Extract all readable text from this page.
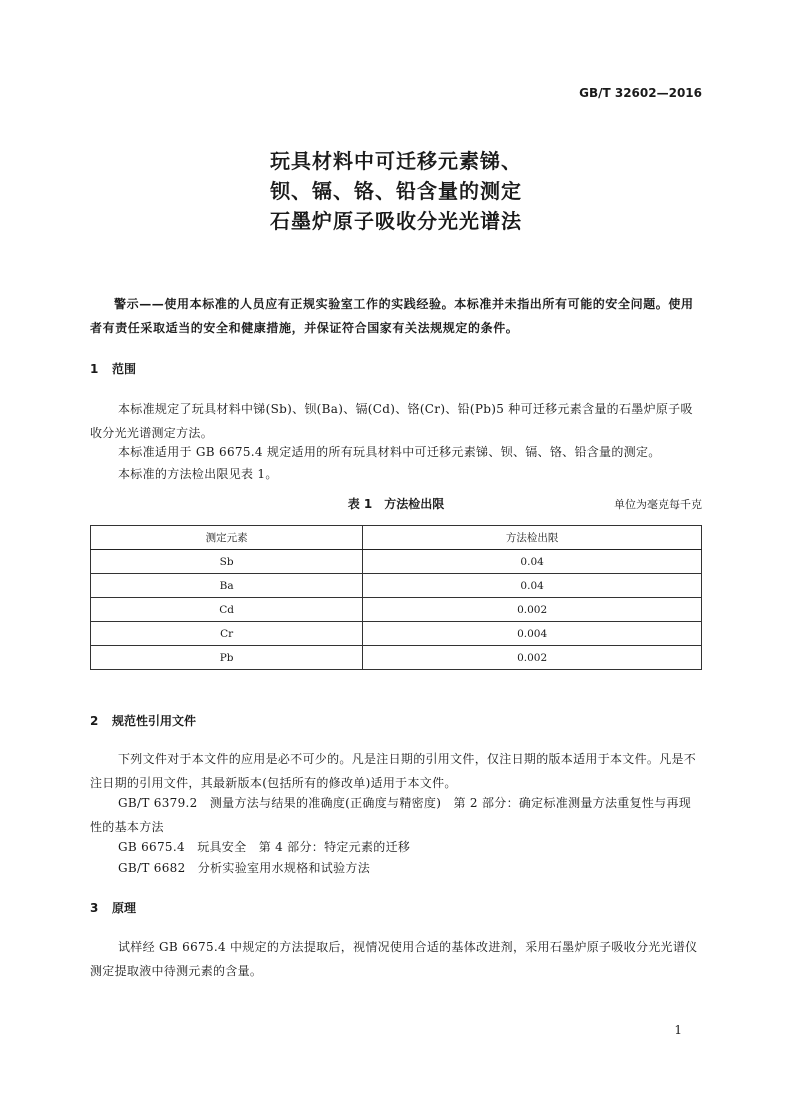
GB/T 32602—2016
玩具材料中可迁移元素锑、
钡、镉、铬、铅含量的测定
石墨炉原子吸收分光光谱法
警示——使用本标准的人员应有正规实验室工作的实践经验。本标准并未指出所有可能的安全问题。使用者有责任采取适当的安全和健康措施，并保证符合国家有关法规规定的条件。
1 范围
本标准规定了玩具材料中锑(Sb)、钡(Ba)、镉(Cd)、铬(Cr)、铅(Pb)5 种可迁移元素含量的石墨炉原子吸收分光光谱测定方法。
本标准适用于 GB 6675.4 规定适用的所有玩具材料中可迁移元素锑、钡、镉、铬、铅含量的测定。
本标准的方法检出限见表 1。
表 1　方法检出限	单位为毫克每千克
测定元素	方法检出限
Sb	0.04
Ba	0.04
Cd	0.002
Cr	0.004
Pb	0.002
2 规范性引用文件
下列文件对于本文件的应用是必不可少的。凡是注日期的引用文件，仅注日期的版本适用于本文件。凡是不注日期的引用文件，其最新版本(包括所有的修改单)适用于本文件。
GB/T 6379.2　测量方法与结果的准确度(正确度与精密度)　第 2 部分：确定标准测量方法重复性与再现性的基本方法
GB 6675.4　玩具安全　第 4 部分：特定元素的迁移
GB/T 6682　分析实验室用水规格和试验方法
3 原理
试样经 GB 6675.4 中规定的方法提取后，视情况使用合适的基体改进剂，采用石墨炉原子吸收分光光谱仪测定提取液中待测元素的含量。
1
